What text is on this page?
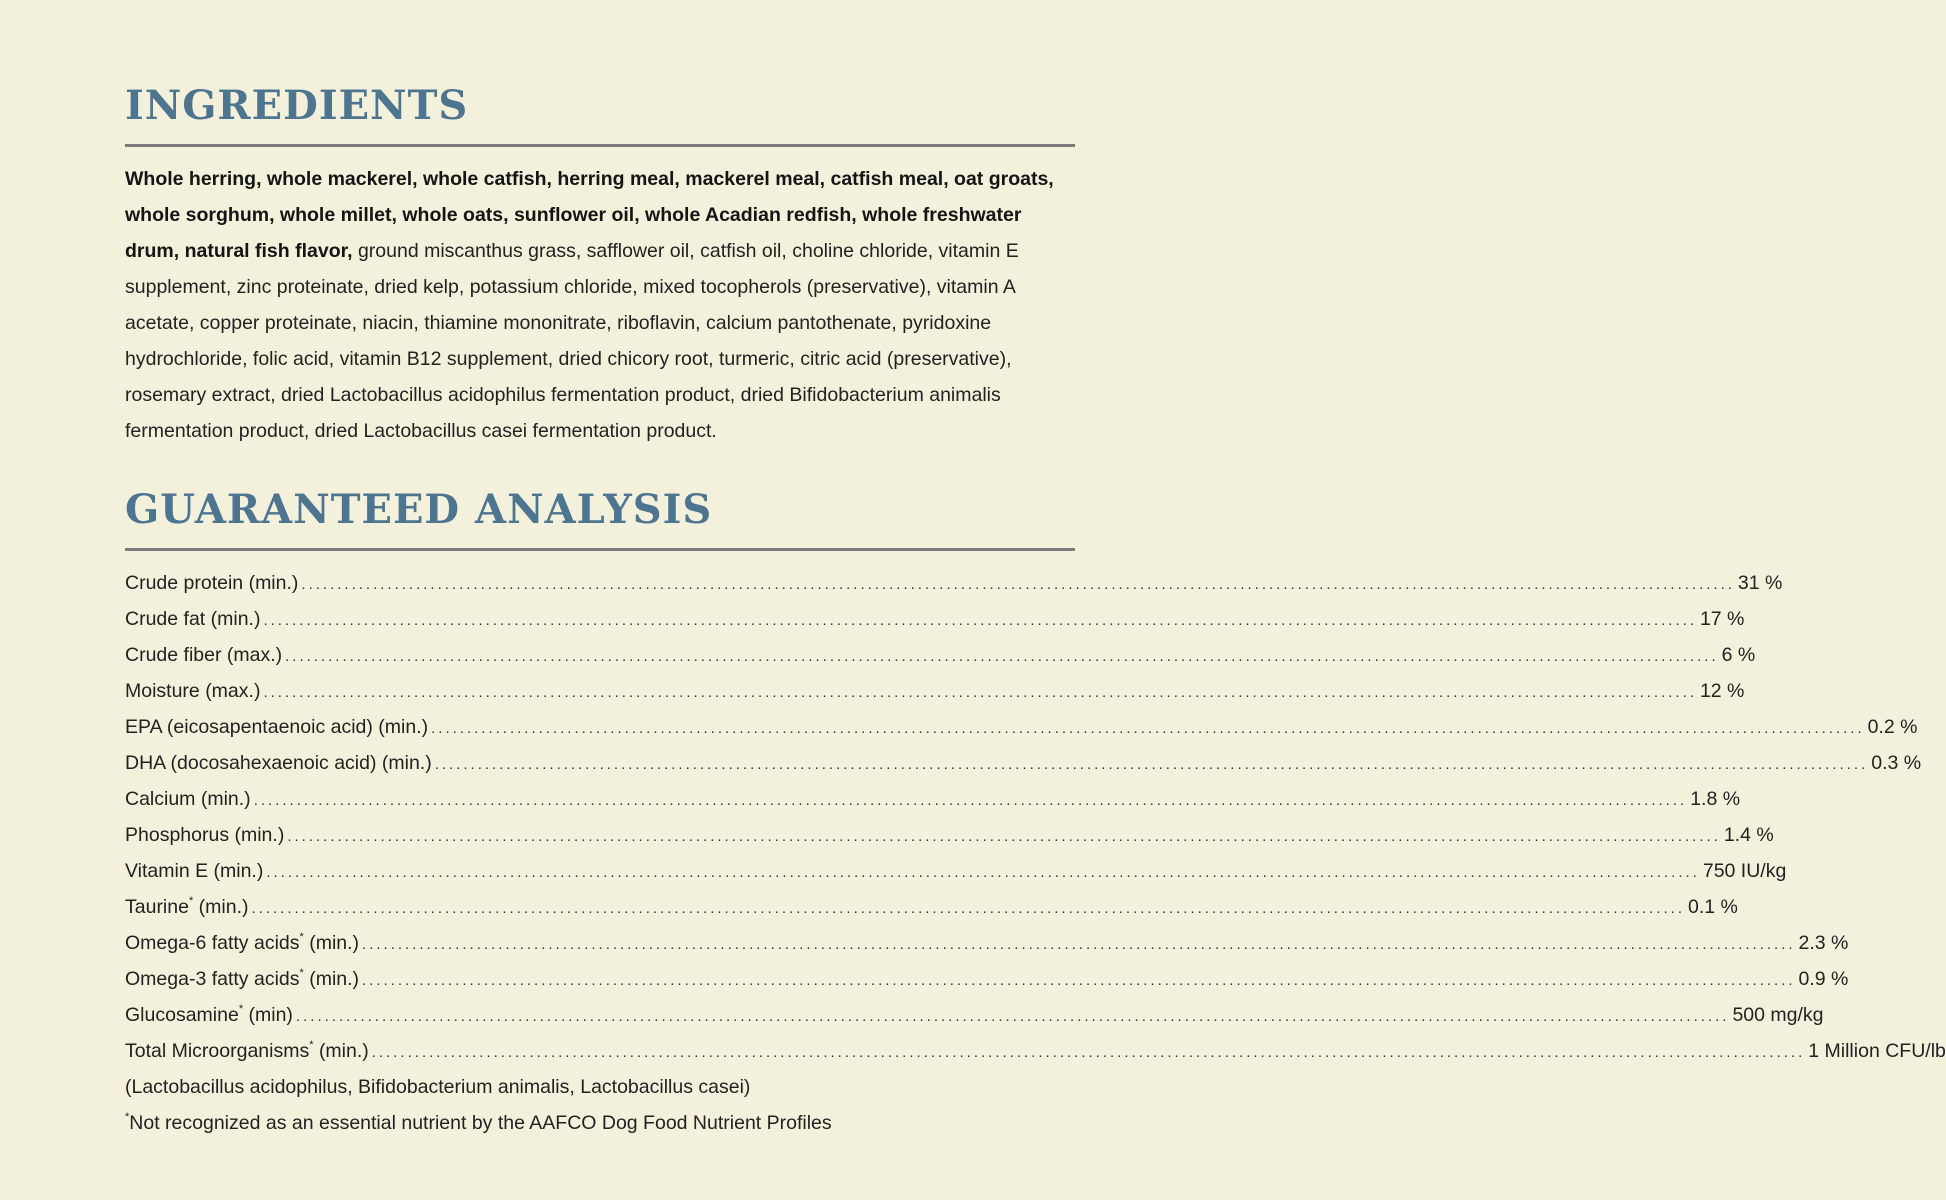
INGREDIENTS
Whole herring, whole mackerel, whole catfish, herring meal, mackerel meal, catfish meal, oat groats, whole sorghum, whole millet, whole oats, sunflower oil, whole Acadian redfish, whole freshwater drum, natural fish flavor, ground miscanthus grass, safflower oil, catfish oil, choline chloride, vitamin E supplement, zinc proteinate, dried kelp, potassium chloride, mixed tocopherols (preservative), vitamin A acetate, copper proteinate, niacin, thiamine mononitrate, riboflavin, calcium pantothenate, pyridoxine hydrochloride, folic acid, vitamin B12 supplement, dried chicory root, turmeric, citric acid (preservative), rosemary extract, dried Lactobacillus acidophilus fermentation product, dried Bifidobacterium animalis fermentation product, dried Lactobacillus casei fermentation product.
GUARANTEED ANALYSIS
Crude protein (min.) ........................................................................................................................................................................................................ 31 %
Crude fat (min.) ........................................................................................................................................................................................................ 17 %
Crude fiber (max.) ........................................................................................................................................................................................................ 6 %
Moisture (max.) ........................................................................................................................................................................................................ 12 %
EPA (eicosapentaenoic acid) (min.) ........................................................................................................................................................................................................ 0.2 %
DHA (docosahexaenoic acid) (min.) ........................................................................................................................................................................................................ 0.3 %
Calcium (min.) ........................................................................................................................................................................................................ 1.8 %
Phosphorus (min.) ........................................................................................................................................................................................................ 1.4 %
Vitamin E (min.) ........................................................................................................................................................................................................ 750 IU/kg
Taurine* (min.) ........................................................................................................................................................................................................ 0.1 %
Omega-6 fatty acids* (min.) ........................................................................................................................................................................................................ 2.3 %
Omega-3 fatty acids* (min.) ........................................................................................................................................................................................................ 0.9 %
Glucosamine* (min) ........................................................................................................................................................................................................ 500 mg/kg
Total Microorganisms* (min.) ........................................................................................................................................................................................................ 1 Million CFU/lb
(Lactobacillus acidophilus, Bifidobacterium animalis, Lactobacillus casei)
*Not recognized as an essential nutrient by the AAFCO Dog Food Nutrient Profiles
